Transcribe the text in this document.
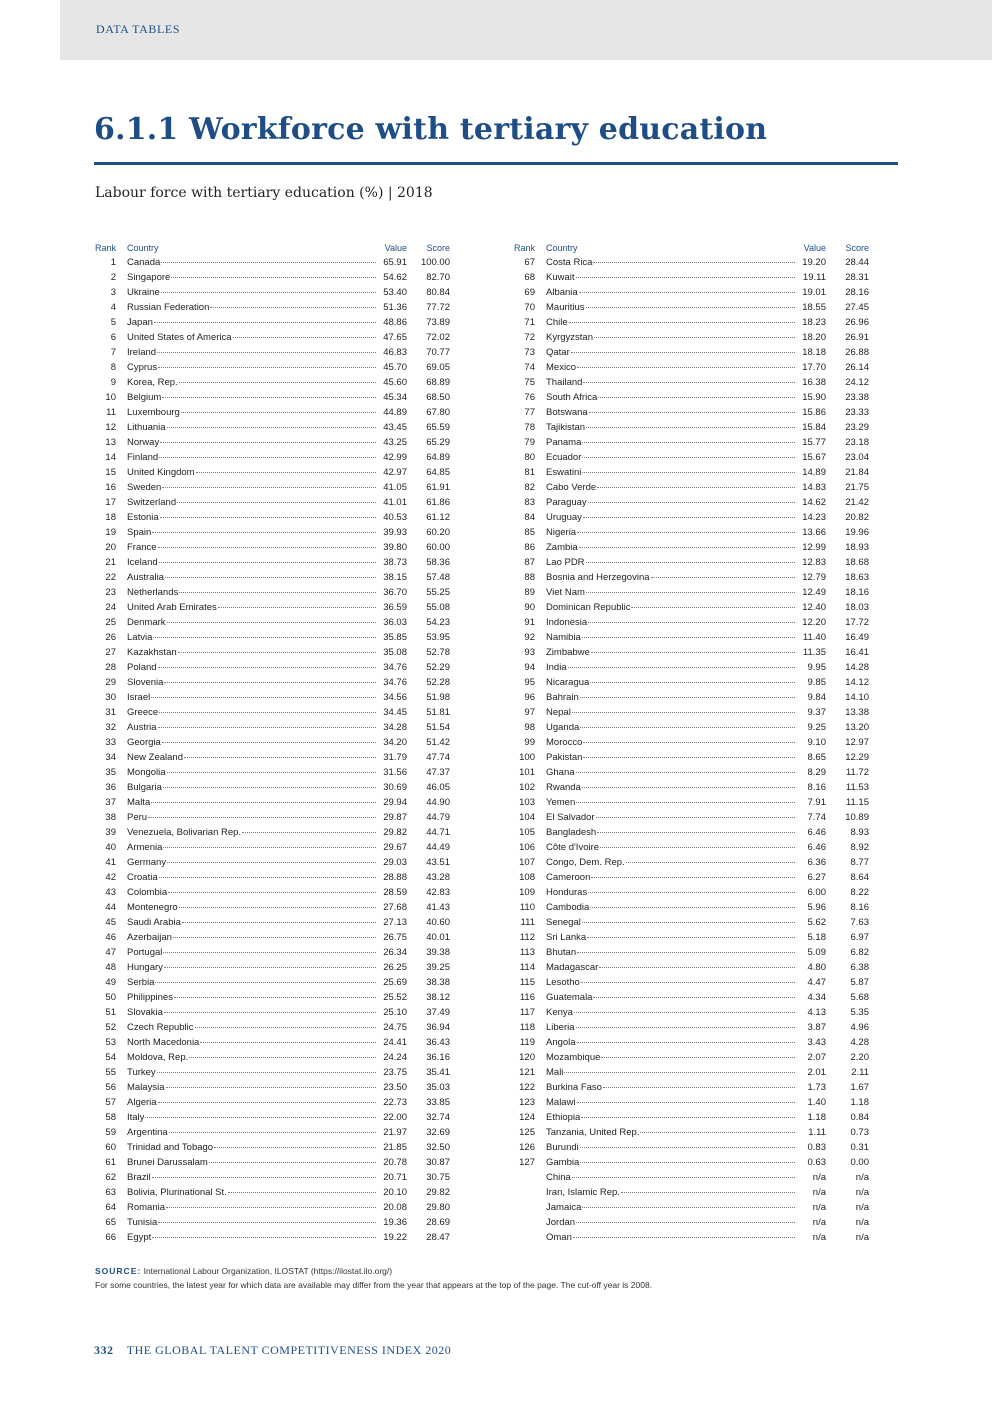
DATA TABLES
6.1.1 Workforce with tertiary education
Labour force with tertiary education (%) | 2018
Rank Country	Value	Score
1 Canada	65.91	100.00
2 Singapore	54.62	82.70
3 Ukraine	53.40	80.84
4 Russian Federation	51.36	77.72
5 Japan	48.86	73.89
6 United States of America	47.65	72.02
7 Ireland	46.83	70.77
8 Cyprus	45.70	69.05
9 Korea, Rep.	45.60	68.89
10 Belgium	45.34	68.50
11 Luxembourg	44.89	67.80
12 Lithuania	43.45	65.59
13 Norway	43.25	65.29
14 Finland	42.99	64.89
15 United Kingdom	42.97	64.85
16 Sweden	41.05	61.91
17 Switzerland	41.01	61.86
18 Estonia	40.53	61.12
19 Spain	39.93	60.20
20 France	39.80	60.00
21 Iceland	38.73	58.36
22 Australia	38.15	57.48
23 Netherlands	36.70	55.25
24 United Arab Emirates	36.59	55.08
25 Denmark	36.03	54.23
26 Latvia	35.85	53.95
27 Kazakhstan	35.08	52.78
28 Poland	34.76	52.29
29 Slovenia	34.76	52.28
30 Israel	34.56	51.98
31 Greece	34.45	51.81
32 Austria	34.28	51.54
33 Georgia	34.20	51.42
34 New Zealand	31.79	47.74
35 Mongolia	31.56	47.37
36 Bulgaria	30.69	46.05
37 Malta	29.94	44.90
38 Peru	29.87	44.79
39 Venezuela, Bolivarian Rep.	29.82	44.71
40 Armenia	29.67	44.49
41 Germany	29.03	43.51
42 Croatia	28.88	43.28
43 Colombia	28.59	42.83
44 Montenegro	27.68	41.43
45 Saudi Arabia	27.13	40.60
46 Azerbaijan	26.75	40.01
47 Portugal	26.34	39.38
48 Hungary	26.25	39.25
49 Serbia	25.69	38.38
50 Philippines	25.52	38.12
51 Slovakia	25.10	37.49
52 Czech Republic	24.75	36.94
53 North Macedonia	24.41	36.43
54 Moldova, Rep.	24.24	36.16
55 Turkey	23.75	35.41
56 Malaysia	23.50	35.03
57 Algeria	22.73	33.85
58 Italy	22.00	32.74
59 Argentina	21.97	32.69
60 Trinidad and Tobago	21.85	32.50
61 Brunei Darussalam	20.78	30.87
62 Brazil	20.71	30.75
63 Bolivia, Plurinational St.	20.10	29.82
64 Romania	20.08	29.80
65 Tunisia	19.36	28.69
66 Egypt	19.22	28.47
Rank Country	Value	Score
67 Costa Rica	19.20	28.44
68 Kuwait	19.11	28.31
69 Albania	19.01	28.16
70 Mauritius	18.55	27.45
71 Chile	18.23	26.96
72 Kyrgyzstan	18.20	26.91
73 Qatar	18.18	26.88
74 Mexico	17.70	26.14
75 Thailand	16.38	24.12
76 South Africa	15.90	23.38
77 Botswana	15.86	23.33
78 Tajikistan	15.84	23.29
79 Panama	15.77	23.18
80 Ecuador	15.67	23.04
81 Eswatini	14.89	21.84
82 Cabo Verde	14.83	21.75
83 Paraguay	14.62	21.42
84 Uruguay	14.23	20.82
85 Nigeria	13.66	19.96
86 Zambia	12.99	18.93
87 Lao PDR	12.83	18.68
88 Bosnia and Herzegovina	12.79	18.63
89 Viet Nam	12.49	18.16
90 Dominican Republic	12.40	18.03
91 Indonesia	12.20	17.72
92 Namibia	11.40	16.49
93 Zimbabwe	11.35	16.41
94 India	9.95	14.28
95 Nicaragua	9.85	14.12
96 Bahrain	9.84	14.10
97 Nepal	9.37	13.38
98 Uganda	9.25	13.20
99 Morocco	9.10	12.97
100 Pakistan	8.65	12.29
101 Ghana	8.29	11.72
102 Rwanda	8.16	11.53
103 Yemen	7.91	11.15
104 El Salvador	7.74	10.89
105 Bangladesh	6.46	8.93
106 Côte d'Ivoire	6.46	8.92
107 Congo, Dem. Rep.	6.36	8.77
108 Cameroon	6.27	8.64
109 Honduras	6.00	8.22
110 Cambodia	5.96	8.16
111 Senegal	5.62	7.63
112 Sri Lanka	5.18	6.97
113 Bhutan	5.09	6.82
114 Madagascar	4.80	6.38
115 Lesotho	4.47	5.87
116 Guatemala	4.34	5.68
117 Kenya	4.13	5.35
118 Liberia	3.87	4.96
119 Angola	3.43	4.28
120 Mozambique	2.07	2.20
121 Mali	2.01	2.11
122 Burkina Faso	1.73	1.67
123 Malawi	1.40	1.18
124 Ethiopia	1.18	0.84
125 Tanzania, United Rep.	1.11	0.73
126 Burundi	0.83	0.31
127 Gambia	0.63	0.00
China	n/a	n/a
Iran, Islamic Rep.	n/a	n/a
Jamaica	n/a	n/a
Jordan	n/a	n/a
Oman	n/a	n/a
SOURCE: International Labour Organization, ILOSTAT (https://ilostat.ilo.org/)
For some countries, the latest year for which data are available may differ from the year that appears at the top of the page. The cut-off year is 2008.
332 THE GLOBAL TALENT COMPETITIVENESS INDEX 2020
